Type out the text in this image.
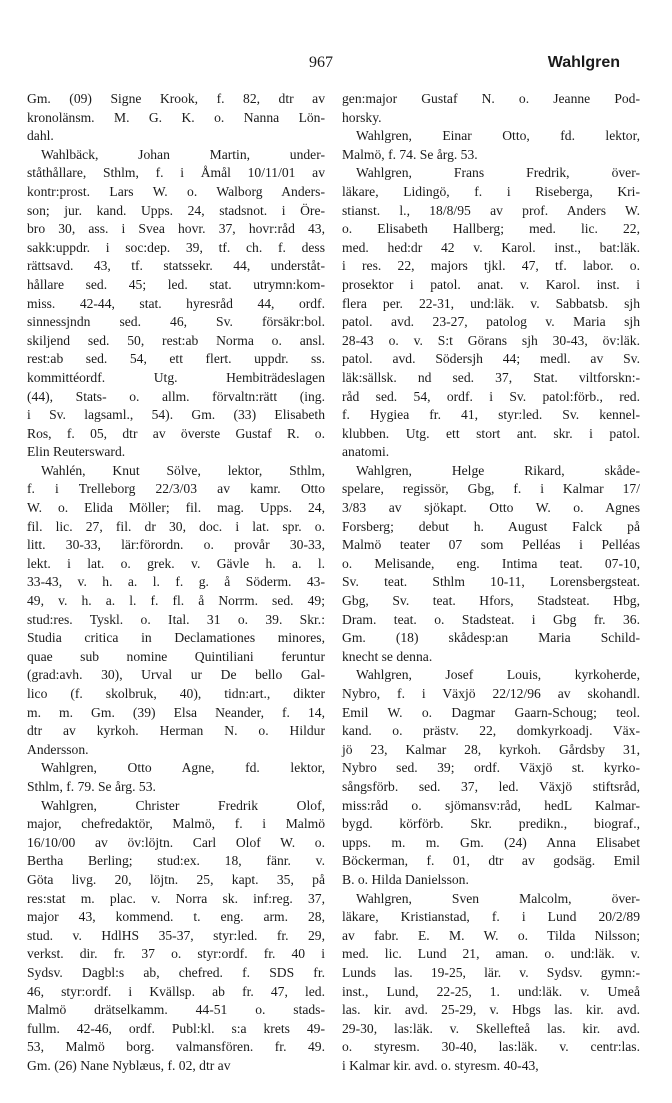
967	Wahlgren
Gm. (09) Signe Krook, f. 82, dtr av
kronolänsm. M. G. K. o. Nanna Lön-
dahl.
Wahlbäck, Johan Martin, under-
ståthållare, Sthlm, f. i Åmål 10/11/01 av
kontr:prost. Lars W. o. Walborg Anders-
son; jur. kand. Upps. 24, stadsnot. i Öre-
bro 30, ass. i Svea hovr. 37, hovr:råd 43,
sakk:uppdr. i soc:dep. 39, tf. ch. f. dess
rättsavd. 43, tf. statssekr. 44, underståt-
hållare sed. 45; led. stat. utrymn:kom-
miss. 42-44, stat. hyresråd 44, ordf.
sinnessjndn sed. 46, Sv. försäkr:bol.
skiljend sed. 50, rest:ab Norma o. ansl.
rest:ab sed. 54, ett flert. uppdr. ss.
kommittéordf. Utg. Hembiträdeslagen
(44), Stats- o. allm. förvaltn:rätt (ing.
i Sv. lagsaml., 54). Gm. (33) Elisabeth
Ros, f. 05, dtr av överste Gustaf R. o.
Elin Reutersward.
Wahlén, Knut Sölve, lektor, Sthlm,
f. i Trelleborg 22/3/03 av kamr. Otto
W. o. Elida Möller; fil. mag. Upps. 24,
fil. lic. 27, fil. dr 30, doc. i lat. spr. o.
litt. 30-33, lär:förordn. o. provår 30-33,
lekt. i lat. o. grek. v. Gävle h. a. l.
33-43, v. h. a. l. f. g. å Söderm. 43-
49, v. h. a. l. f. fl. å Norrm. sed. 49;
stud:res. Tyskl. o. Ital. 31 o. 39. Skr.:
Studia critica in Declamationes minores,
quae sub nomine Quintiliani feruntur
(grad:avh. 30), Urval ur De bello Gal-
lico (f. skolbruk, 40), tidn:art., dikter
m. m. Gm. (39) Elsa Neander, f. 14,
dtr av kyrkoh. Herman N. o. Hildur
Andersson.
Wahlgren, Otto Agne, fd. lektor,
Sthlm, f. 79. Se årg. 53.
Wahlgren, Christer Fredrik Olof,
major, chefredaktör, Malmö, f. i Malmö
16/10/00 av öv:löjtn. Carl Olof W. o.
Bertha Berling; stud:ex. 18, fänr. v.
Göta livg. 20, löjtn. 25, kapt. 35, på
res:stat m. plac. v. Norra sk. inf:reg. 37,
major 43, kommend. t. eng. arm. 28,
stud. v. HdlHS 35-37, styr:led. fr. 29,
verkst. dir. fr. 37 o. styr:ordf. fr. 40 i
Sydsv. Dagbl:s ab, chefred. f. SDS fr.
46, styr:ordf. i Kvällsp. ab fr. 47, led.
Malmö drätselkamm. 44-51 o. stads-
fullm. 42-46, ordf. Publ:kl. s:a krets 49-
53, Malmö borg. valmansfören. fr. 49.
Gm. (26) Nane Nyblæus, f. 02, dtr av
gen:major Gustaf N. o. Jeanne Pod-
horsky.
Wahlgren, Einar Otto, fd. lektor,
Malmö, f. 74. Se årg. 53.
Wahlgren, Frans Fredrik, över-
läkare, Lidingö, f. i Riseberga, Kri-
stianst. l., 18/8/95 av prof. Anders W.
o. Elisabeth Hallberg; med. lic. 22,
med. hed:dr 42 v. Karol. inst., bat:läk.
i res. 22, majors tjkl. 47, tf. labor. o.
prosektor i patol. anat. v. Karol. inst. i
flera per. 22-31, und:läk. v. Sabbatsb. sjh
patol. avd. 23-27, patolog v. Maria sjh
28-43 o. v. S:t Görans sjh 30-43, öv:läk.
patol. avd. Södersjh 44; medl. av Sv.
läk:sällsk. nd sed. 37, Stat. viltforskn:-
råd sed. 54, ordf. i Sv. patol:förb., red.
f. Hygiea fr. 41, styr:led. Sv. kennel-
klubben. Utg. ett stort ant. skr. i patol.
anatomi.
Wahlgren, Helge Rikard, skåde-
spelare, regissör, Gbg, f. i Kalmar 17/
3/83 av sjökapt. Otto W. o. Agnes
Forsberg; debut h. August Falck på
Malmö teater 07 som Pelléas i Pelléas
o. Melisande, eng. Intima teat. 07-10,
Sv. teat. Sthlm 10-11, Lorensbergsteat.
Gbg, Sv. teat. Hfors, Stadsteat. Hbg,
Dram. teat. o. Stadsteat. i Gbg fr. 36.
Gm. (18) skådesp:an Maria Schild-
knecht se denna.
Wahlgren, Josef Louis, kyrkoherde,
Nybro, f. i Växjö 22/12/96 av skohandl.
Emil W. o. Dagmar Gaarn-Schoug; teol.
kand. o. prästv. 22, domkyrkoadj. Väx-
jö 23, Kalmar 28, kyrkoh. Gårdsby 31,
Nybro sed. 39; ordf. Växjö st. kyrko-
sångsförb. sed. 37, led. Växjö stiftsråd,
miss:råd o. sjömansv:råd, hedL Kalmar-
bygd. körförb. Skr. predikn., biograf.,
upps. m. m. Gm. (24) Anna Elisabet
Böckerman, f. 01, dtr av godsäg. Emil
B. o. Hilda Danielsson.
Wahlgren, Sven Malcolm, över-
läkare, Kristianstad, f. i Lund 20/2/89
av fabr. E. M. W. o. Tilda Nilsson;
med. lic. Lund 21, aman. o. und:läk. v.
Lunds las. 19-25, lär. v. Sydsv. gymn:-
inst., Lund, 22-25, 1. und:läk. v. Umeå
las. kir. avd. 25-29, v. Hbgs las. kir. avd.
29-30, las:läk. v. Skellefteå las. kir. avd.
o. styresm. 30-40, las:läk. v. centr:las.
i Kalmar kir. avd. o. styresm. 40-43,
